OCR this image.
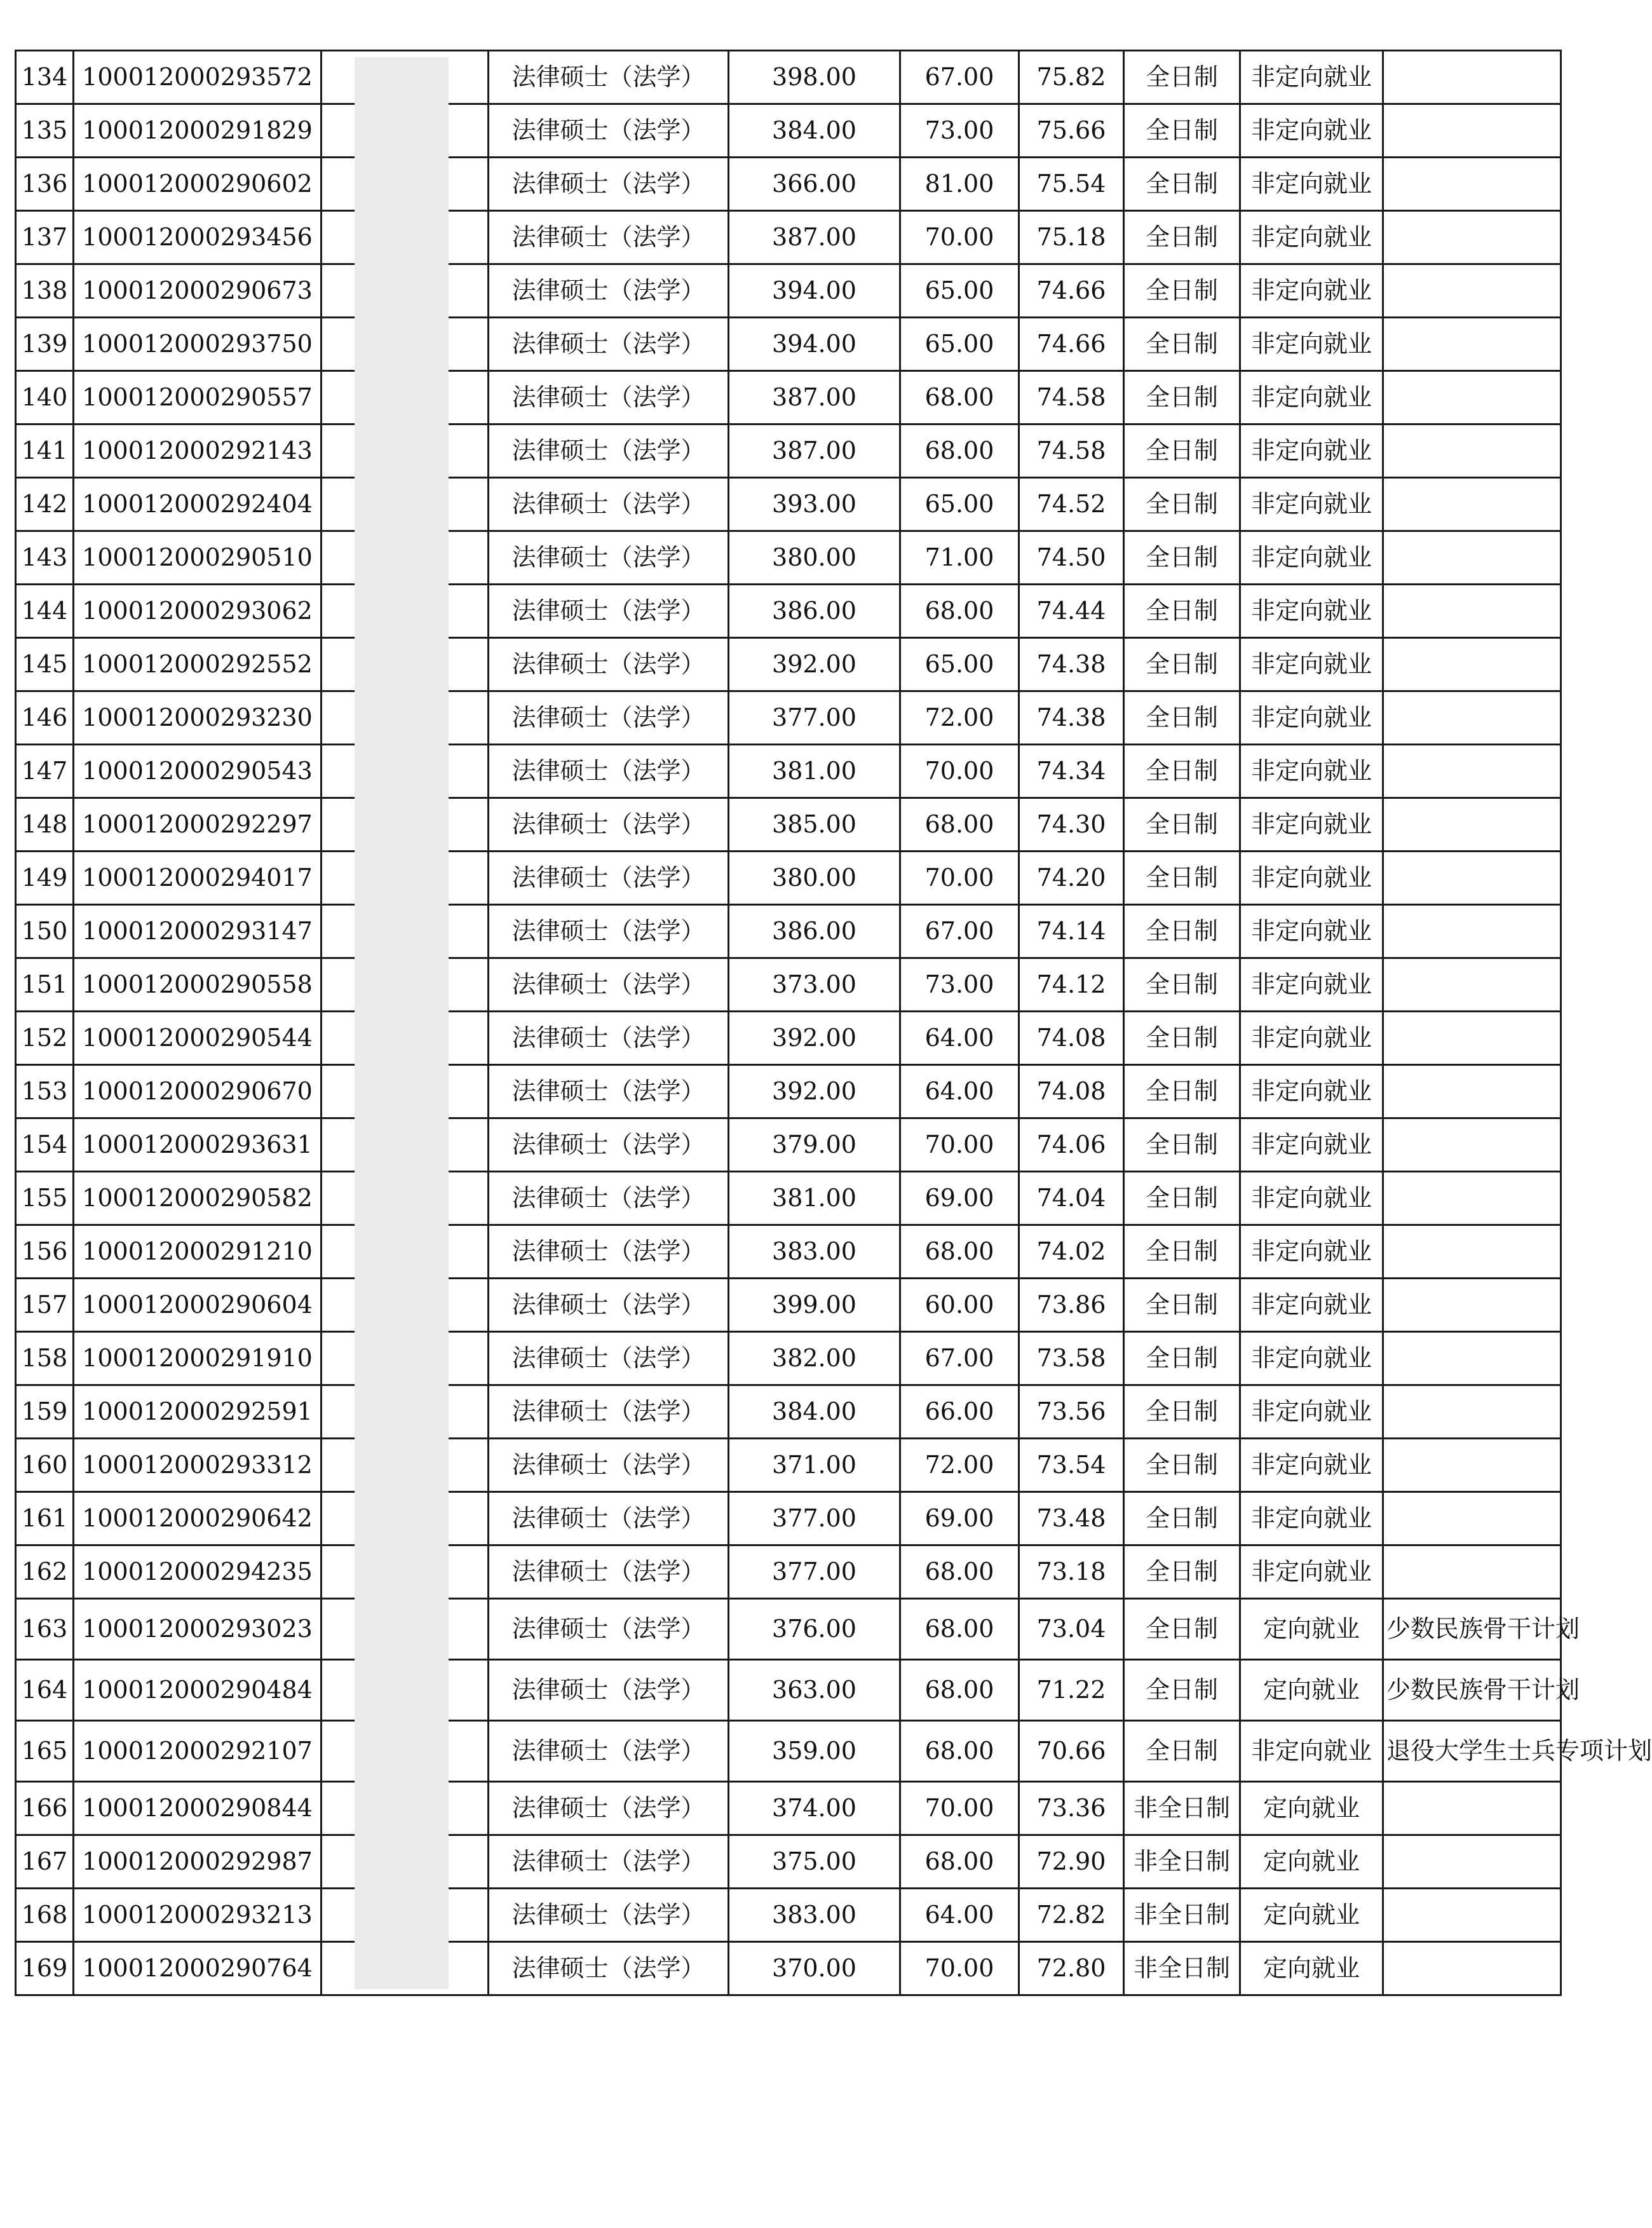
134	100012000293572		法律硕士（法学）	398.00	67.00	75.82	全日制	非定向就业	
135	100012000291829		法律硕士（法学）	384.00	73.00	75.66	全日制	非定向就业	
136	100012000290602		法律硕士（法学）	366.00	81.00	75.54	全日制	非定向就业	
137	100012000293456		法律硕士（法学）	387.00	70.00	75.18	全日制	非定向就业	
138	100012000290673		法律硕士（法学）	394.00	65.00	74.66	全日制	非定向就业	
139	100012000293750		法律硕士（法学）	394.00	65.00	74.66	全日制	非定向就业	
140	100012000290557		法律硕士（法学）	387.00	68.00	74.58	全日制	非定向就业	
141	100012000292143		法律硕士（法学）	387.00	68.00	74.58	全日制	非定向就业	
142	100012000292404		法律硕士（法学）	393.00	65.00	74.52	全日制	非定向就业	
143	100012000290510		法律硕士（法学）	380.00	71.00	74.50	全日制	非定向就业	
144	100012000293062		法律硕士（法学）	386.00	68.00	74.44	全日制	非定向就业	
145	100012000292552		法律硕士（法学）	392.00	65.00	74.38	全日制	非定向就业	
146	100012000293230		法律硕士（法学）	377.00	72.00	74.38	全日制	非定向就业	
147	100012000290543		法律硕士（法学）	381.00	70.00	74.34	全日制	非定向就业	
148	100012000292297		法律硕士（法学）	385.00	68.00	74.30	全日制	非定向就业	
149	100012000294017		法律硕士（法学）	380.00	70.00	74.20	全日制	非定向就业	
150	100012000293147		法律硕士（法学）	386.00	67.00	74.14	全日制	非定向就业	
151	100012000290558		法律硕士（法学）	373.00	73.00	74.12	全日制	非定向就业	
152	100012000290544		法律硕士（法学）	392.00	64.00	74.08	全日制	非定向就业	
153	100012000290670		法律硕士（法学）	392.00	64.00	74.08	全日制	非定向就业	
154	100012000293631		法律硕士（法学）	379.00	70.00	74.06	全日制	非定向就业	
155	100012000290582		法律硕士（法学）	381.00	69.00	74.04	全日制	非定向就业	
156	100012000291210		法律硕士（法学）	383.00	68.00	74.02	全日制	非定向就业	
157	100012000290604		法律硕士（法学）	399.00	60.00	73.86	全日制	非定向就业	
158	100012000291910		法律硕士（法学）	382.00	67.00	73.58	全日制	非定向就业	
159	100012000292591		法律硕士（法学）	384.00	66.00	73.56	全日制	非定向就业	
160	100012000293312		法律硕士（法学）	371.00	72.00	73.54	全日制	非定向就业	
161	100012000290642		法律硕士（法学）	377.00	69.00	73.48	全日制	非定向就业	
162	100012000294235		法律硕士（法学）	377.00	68.00	73.18	全日制	非定向就业	
163	100012000293023		法律硕士（法学）	376.00	68.00	73.04	全日制	定向就业	少数民族骨干计划
164	100012000290484		法律硕士（法学）	363.00	68.00	71.22	全日制	定向就业	少数民族骨干计划
165	100012000292107		法律硕士（法学）	359.00	68.00	70.66	全日制	非定向就业	退役大学生士兵专项计划
166	100012000290844		法律硕士（法学）	374.00	70.00	73.36	非全日制	定向就业	
167	100012000292987		法律硕士（法学）	375.00	68.00	72.90	非全日制	定向就业	
168	100012000293213		法律硕士（法学）	383.00	64.00	72.82	非全日制	定向就业	
169	100012000290764		法律硕士（法学）	370.00	70.00	72.80	非全日制	定向就业	
